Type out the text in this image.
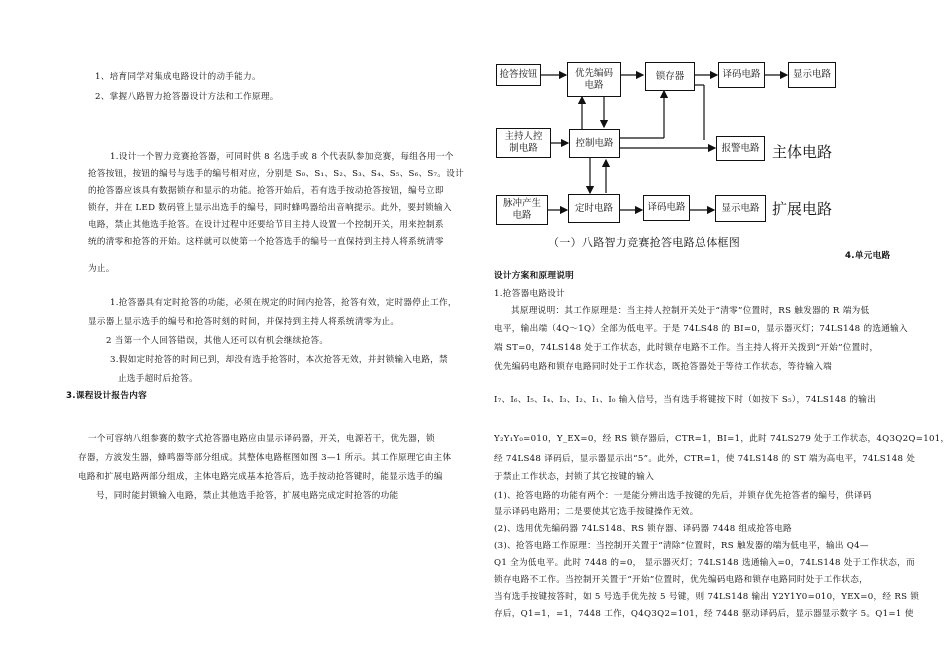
1、培育同学对集成电路设计的动手能力。
2、掌握八路智力抢答器设计方法和工作原理。
1.设计一个智力竞赛抢答器，可同时供 8 名选手或 8 个代表队参加竞赛，每组各用一个
抢答按钮，按钮的编号与选手的编号相对应，分别是 S₀、S₁、S₂、S₃、S₄、S₅、S₆、S₇。设计
的抢答器应该具有数据锁存和显示的功能。抢答开始后，若有选手按动抢答按钮，编号立即
锁存，并在 LED 数码管上显示出选手的编号，同时蜂鸣器给出音响提示。此外，要封锁输入
电路，禁止其他选手抢答。在设计过程中还要给节目主持人设置一个控制开关，用来控制系
统的清零和抢答的开始。这样就可以使第一个抢答选手的编号一直保持到主持人将系统清零
为止。
1.抢答器具有定时抢答的功能，必须在规定的时间内抢答，抢答有效，定时器停止工作，
显示器上显示选手的编号和抢答时刻的时间，并保持到主持人将系统清零为止。
2 当第一个人回答错误，其他人还可以有机会继续抢答。
3.假如定时抢答的时间已到，却没有选手抢答时，本次抢答无效，并封锁输入电路，禁
止选手超时后抢答。
3.课程设计报告内容
一个可容纳八组参赛的数字式抢答器电路应由显示译码器，开关，电源若干，优先器，锁
存器，方波发生器，蜂鸣器等部分组成。其整体电路框图如图 3—1 所示。其工作原理它由主体
电路和扩展电路两部分组成，主体电路完成基本抢答后，选手按动抢答键时，能显示选手的编
号，同时能封锁输入电路，禁止其他选手抢答，扩展电路完成定时抢答的功能
抢答按钮	优先编码
电路
锁存器	译码电路	显示电路
主持人控
制电路	控制电路	报警电路 主体电路
脉冲产生
电路
定时电路	译码电路	显示电路 扩展电路
（一）八路智力竞赛抢答电路总体框图
4.单元电路
设计方案和原理说明
1.抢答器电路设计
其原理说明：其工作原理是：当主持人控制开关处于“清零”位置时，RS 触发器的 R 端为低
电平，输出端（4Q～1Q）全部为低电平。于是 74LS48 的 BI=0，显示器灭灯；74LS148 的选通输入
端 ST=0，74LS148 处于工作状态，此时锁存电路不工作。当主持人将开关拨到“开始”位置时，
优先编码电路和锁存电路同时处于工作状态，既抢答器处于等待工作状态，等待输入端
I₇、I₆、I₅、I₄、I₃、I₂、I₁、I₀ 输入信号，当有选手将键按下时（如按下 S₅），74LS148 的输出
Y₂Y₁Y₀=010，Y_EX=0，经 RS 锁存器后，CTR=1，BI=1，此时 74LS279 处于工作状态，4Q3Q2Q=101，
经 74LS48 译码后，显示器显示出“5”。此外，CTR=1，使 74LS148 的 ST 端为高电平，74LS148 处
于禁止工作状态，封锁了其它按键的输入
(1)、抢答电路的功能有两个：一是能分辨出选手按键的先后，并锁存优先抢答者的编号，供译码
显示译码电路用；二是要使其它选手按键操作无效。
(2)、选用优先编码器 74LS148、RS 锁存器、译码器 7448 组成抢答电路
(3)、抢答电路工作原理：当控制开关置于“清除”位置时，RS 触发器的端为低电平，输出 Q4—
Q1 全为低电平。此时 7448 的=0， 显示器灭灯；74LS148 选通输入=0，74LS148 处于工作状态，而
锁存电路不工作。当控制开关置于“开始”位置时，优先编码电路和锁存电路同时处于工作状态，
当有选手按键按答时，如 5 号选手优先按 5 号键，则 74LS148 输出 Y2Y1Y0=010，YEX=0，经 RS 锁
存后，Q1=1，=1，7448 工作，Q4Q3Q2=101，经 7448 驱动译码后，显示器显示数字 5。Q1=1 使
